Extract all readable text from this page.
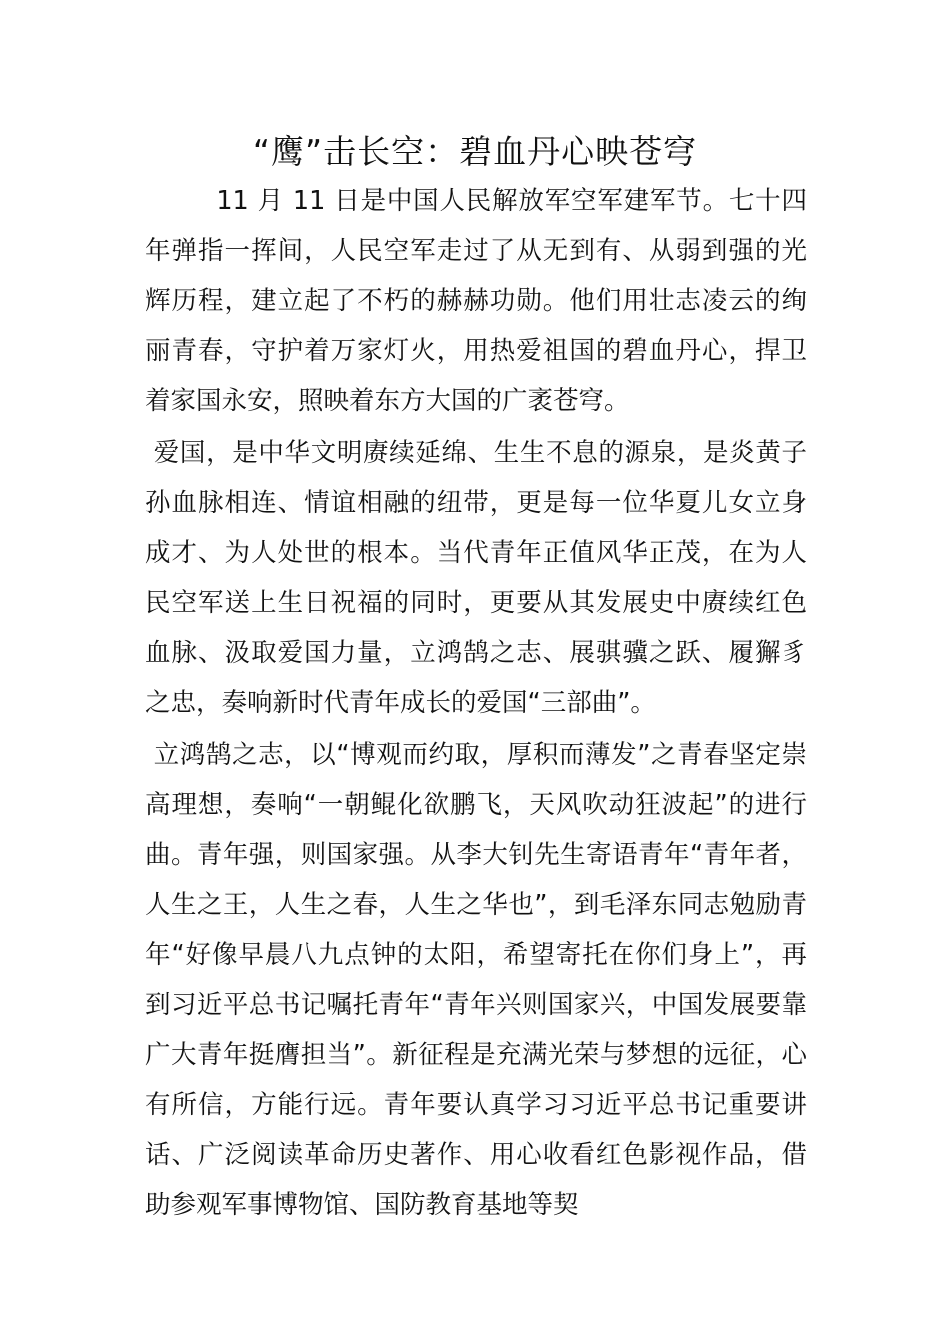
“鹰”击长空：碧血丹心映苍穹

11 月 11 日是中国人民解放军空军建军节。七十四年弹指一挥间，人民空军走过了从无到有、从弱到强的光辉历程，建立起了不朽的赫赫功勋。他们用壮志凌云的绚丽青春，守护着万家灯火，用热爱祖国的碧血丹心，捍卫着家国永安，照映着东方大国的广袤苍穹。

爱国，是中华文明赓续延绵、生生不息的源泉，是炎黄子孙血脉相连、情谊相融的纽带，更是每一位华夏儿女立身成才、为人处世的根本。当代青年正值风华正茂，在为人民空军送上生日祝福的同时，更要从其发展史中赓续红色血脉、汲取爱国力量，立鸿鹄之志、展骐骥之跃、履獬豸之忠，奏响新时代青年成长的爱国“三部曲”。

立鸿鹄之志，以“博观而约取，厚积而薄发”之青春坚定崇高理想，奏响“一朝鲲化欲鹏飞，天风吹动狂波起”的进行曲。青年强，则国家强。从李大钊先生寄语青年“青年者，人生之王，人生之春，人生之华也”，到毛泽东同志勉励青年“好像早晨八九点钟的太阳，希望寄托在你们身上”，再到习近平总书记嘱托青年“青年兴则国家兴，中国发展要靠广大青年挺膺担当”。新征程是充满光荣与梦想的远征，心有所信，方能行远。青年要认真学习习近平总书记重要讲话、广泛阅读革命历史著作、用心收看红色影视作品，借助参观军事博物馆、国防教育基地等契
